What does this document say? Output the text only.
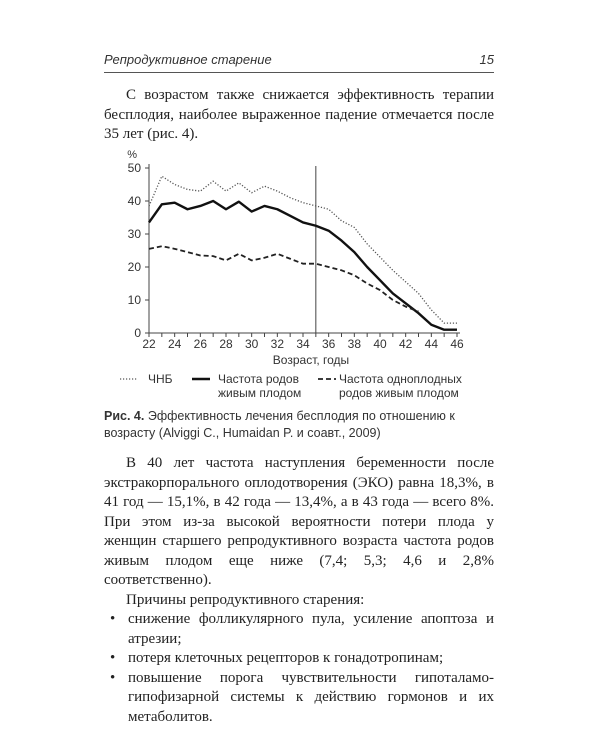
Репродуктивное старение	15
С возрастом также снижается эффективность терапии бесплодия, наиболее выраженное падение отмечается после 35 лет (рис. 4).
%
0
10
20
30
40
50
22 24 26 28 30 32 34 36 38 40 42 44 46
Возраст, годы
ЧНБ	Частота родов
живым плодом
Частота одноплодных
родов живым плодом
Рис. 4. Эффективность лечения бесплодия по отношению к возрасту (Alviggi C., Humaidan P. и соавт., 2009)
В 40 лет частота наступления беременности после экстракорпорального оплодотворения (ЭКО) равна 18,3%, в 41 год — 15,1%, в 42 года — 13,4%, а в 43 года — всего 8%. При этом из-за высокой вероятности потери плода у женщин старшего репродуктивного возраста частота родов живым плодом еще ниже (7,4; 5,3; 4,6 и 2,8% соответственно).
Причины репродуктивного старения:
• снижение фолликулярного пула, усиление апоптоза и атрезии;
• потеря клеточных рецепторов к гонадотропинам;
• повышение порога чувствительности гипоталамо-гипофизарной системы к действию гормонов и их метаболитов.
